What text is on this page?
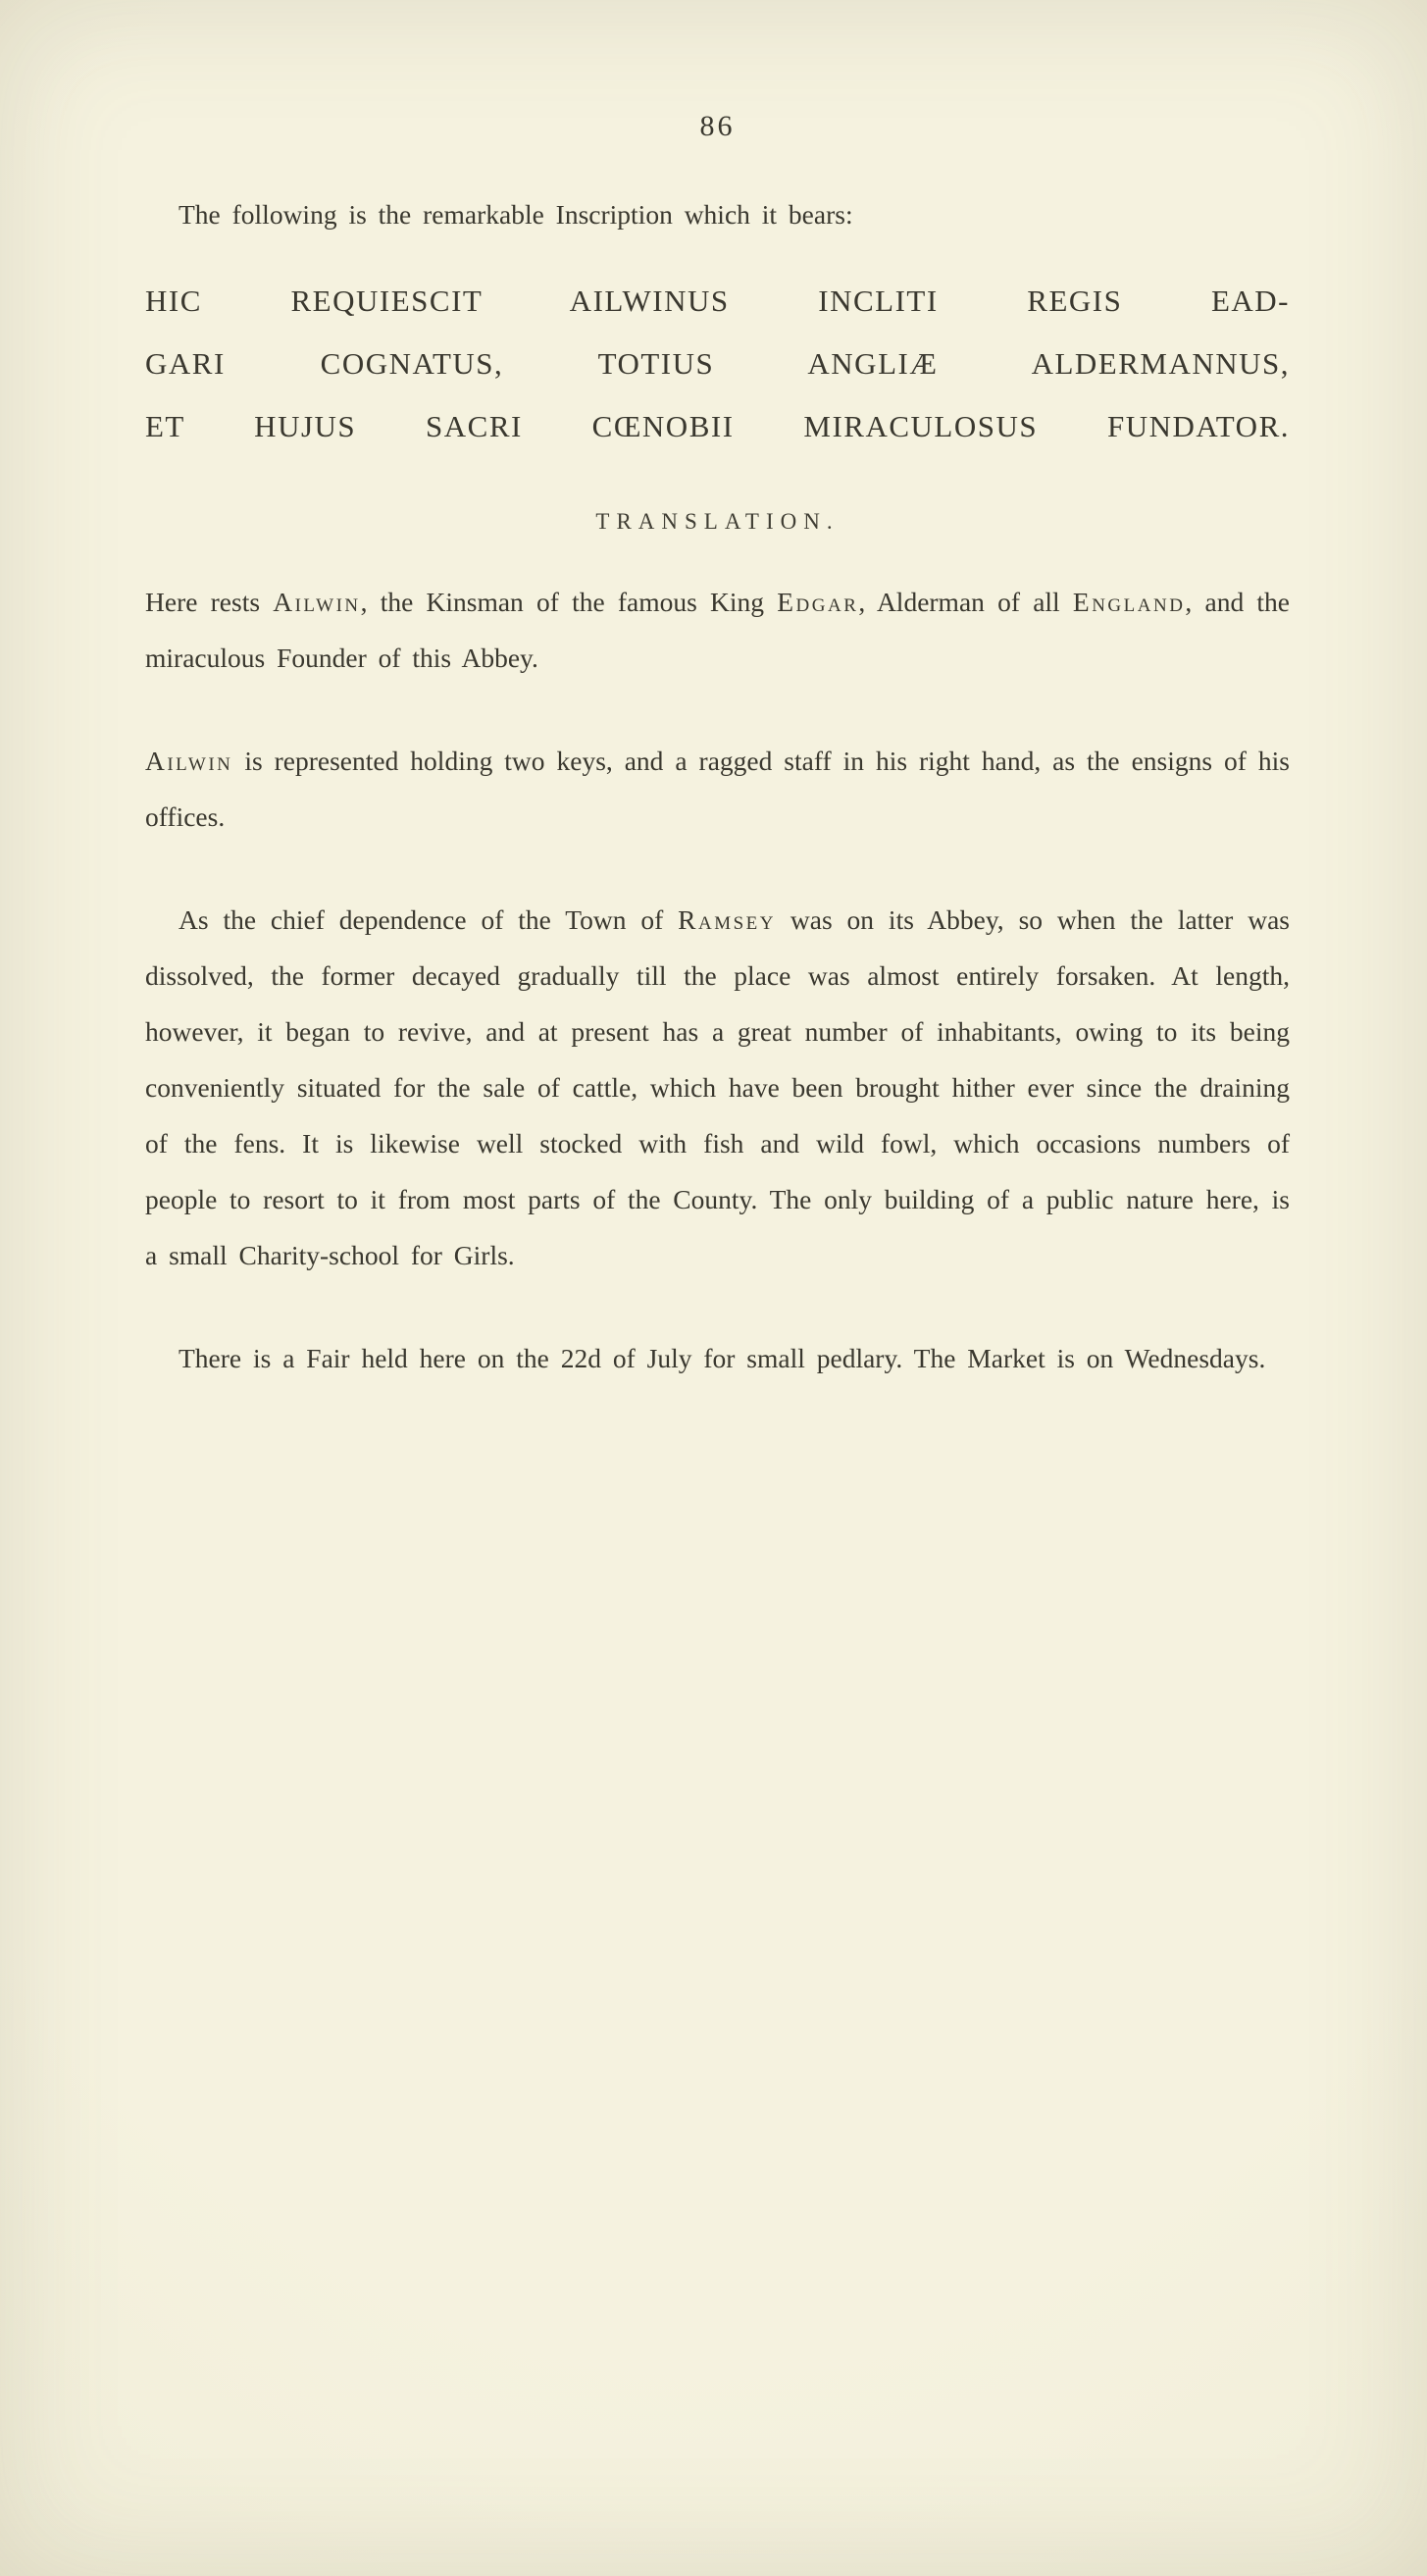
86

The following is the remarkable Inscription which it bears:

HIC REQUIESCIT AILWINUS INCLITI REGIS EAD-
GARI COGNATUS, TOTIUS ANGLIÆ ALDERMANNUS,
ET HUJUS SACRI CŒNOBII MIRACULOSUS FUNDATOR.
TRANSLATION.

Here rests Ailwin, the Kinsman of the famous King Edgar, Alderman of all England, and the miraculous Founder of this Abbey.

Ailwin is represented holding two keys, and a ragged staff in his right hand, as the ensigns of his offices.

As the chief dependence of the Town of Ramsey was on its Abbey, so when the latter was dissolved, the former decayed gradually till the place was almost entirely forsaken. At length, however, it began to revive, and at present has a great number of inhabitants, owing to its being conveniently situated for the sale of cattle, which have been brought hither ever since the draining of the fens. It is likewise well stocked with fish and wild fowl, which occasions numbers of people to resort to it from most parts of the County. The only building of a public nature here, is a small Charity-school for Girls.

There is a Fair held here on the 22d of July for small pedlary. The Market is on Wednesdays.
